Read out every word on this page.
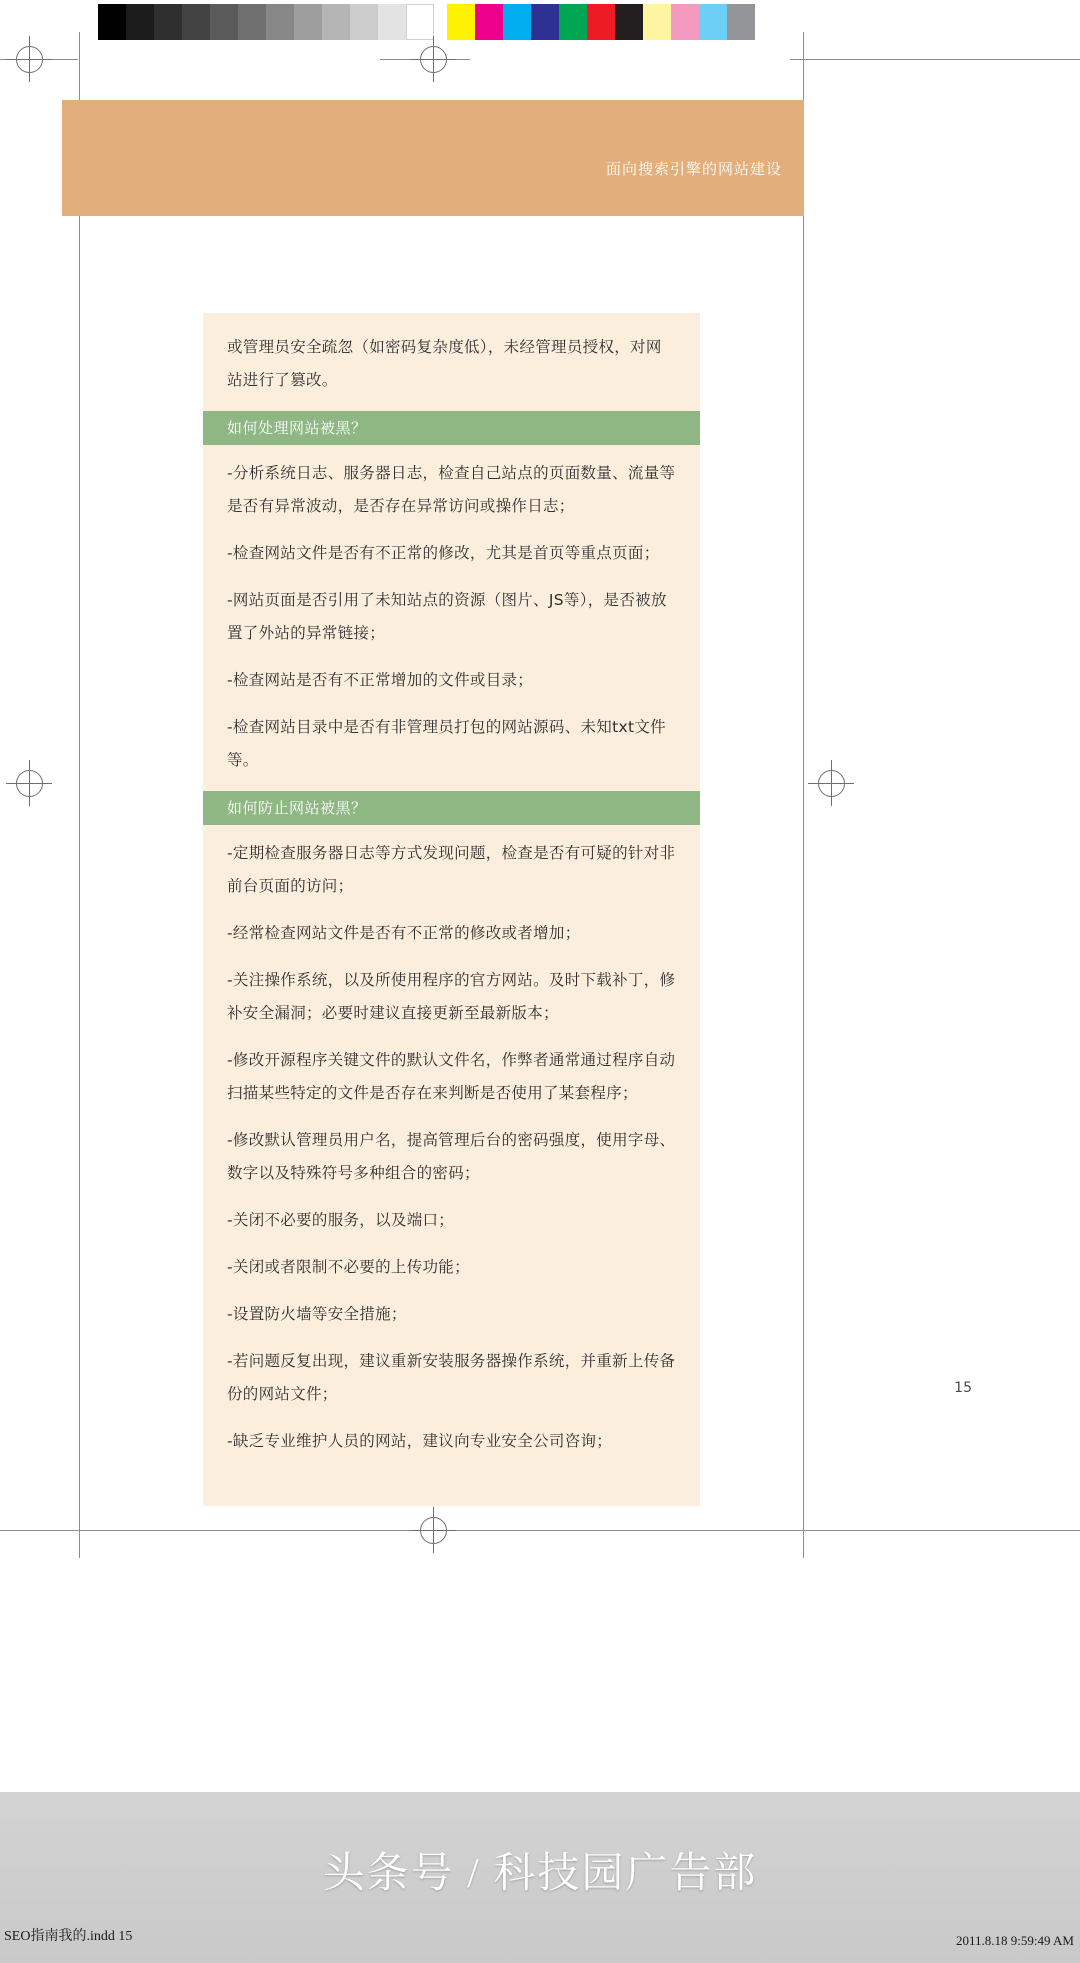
面向搜索引擎的网站建设
或管理员安全疏忽（如密码复杂度低），未经管理员授权，对网站进行了篡改。
如何处理网站被黑？
-分析系统日志、服务器日志，检查自己站点的页面数量、流量等是否有异常波动，是否存在异常访问或操作日志；
-检查网站文件是否有不正常的修改，尤其是首页等重点页面；
-网站页面是否引用了未知站点的资源（图片、JS等），是否被放置了外站的异常链接；
-检查网站是否有不正常增加的文件或目录；
-检查网站目录中是否有非管理员打包的网站源码、未知txt文件等。
如何防止网站被黑？
-定期检查服务器日志等方式发现问题，检查是否有可疑的针对非前台页面的访问；
-经常检查网站文件是否有不正常的修改或者增加；
-关注操作系统，以及所使用程序的官方网站。及时下载补丁，修补安全漏洞；必要时建议直接更新至最新版本；
-修改开源程序关键文件的默认文件名，作弊者通常通过程序自动扫描某些特定的文件是否存在来判断是否使用了某套程序；
-修改默认管理员用户名，提高管理后台的密码强度，使用字母、数字以及特殊符号多种组合的密码；
-关闭不必要的服务，以及端口；
-关闭或者限制不必要的上传功能；
-设置防火墙等安全措施；
-若问题反复出现，建议重新安装服务器操作系统，并重新上传备份的网站文件；
-缺乏专业维护人员的网站，建议向专业安全公司咨询；
15
头条号 / 科技园广告部
SEO指南我的.indd 15	2011.8.18 9:59:49 AM
